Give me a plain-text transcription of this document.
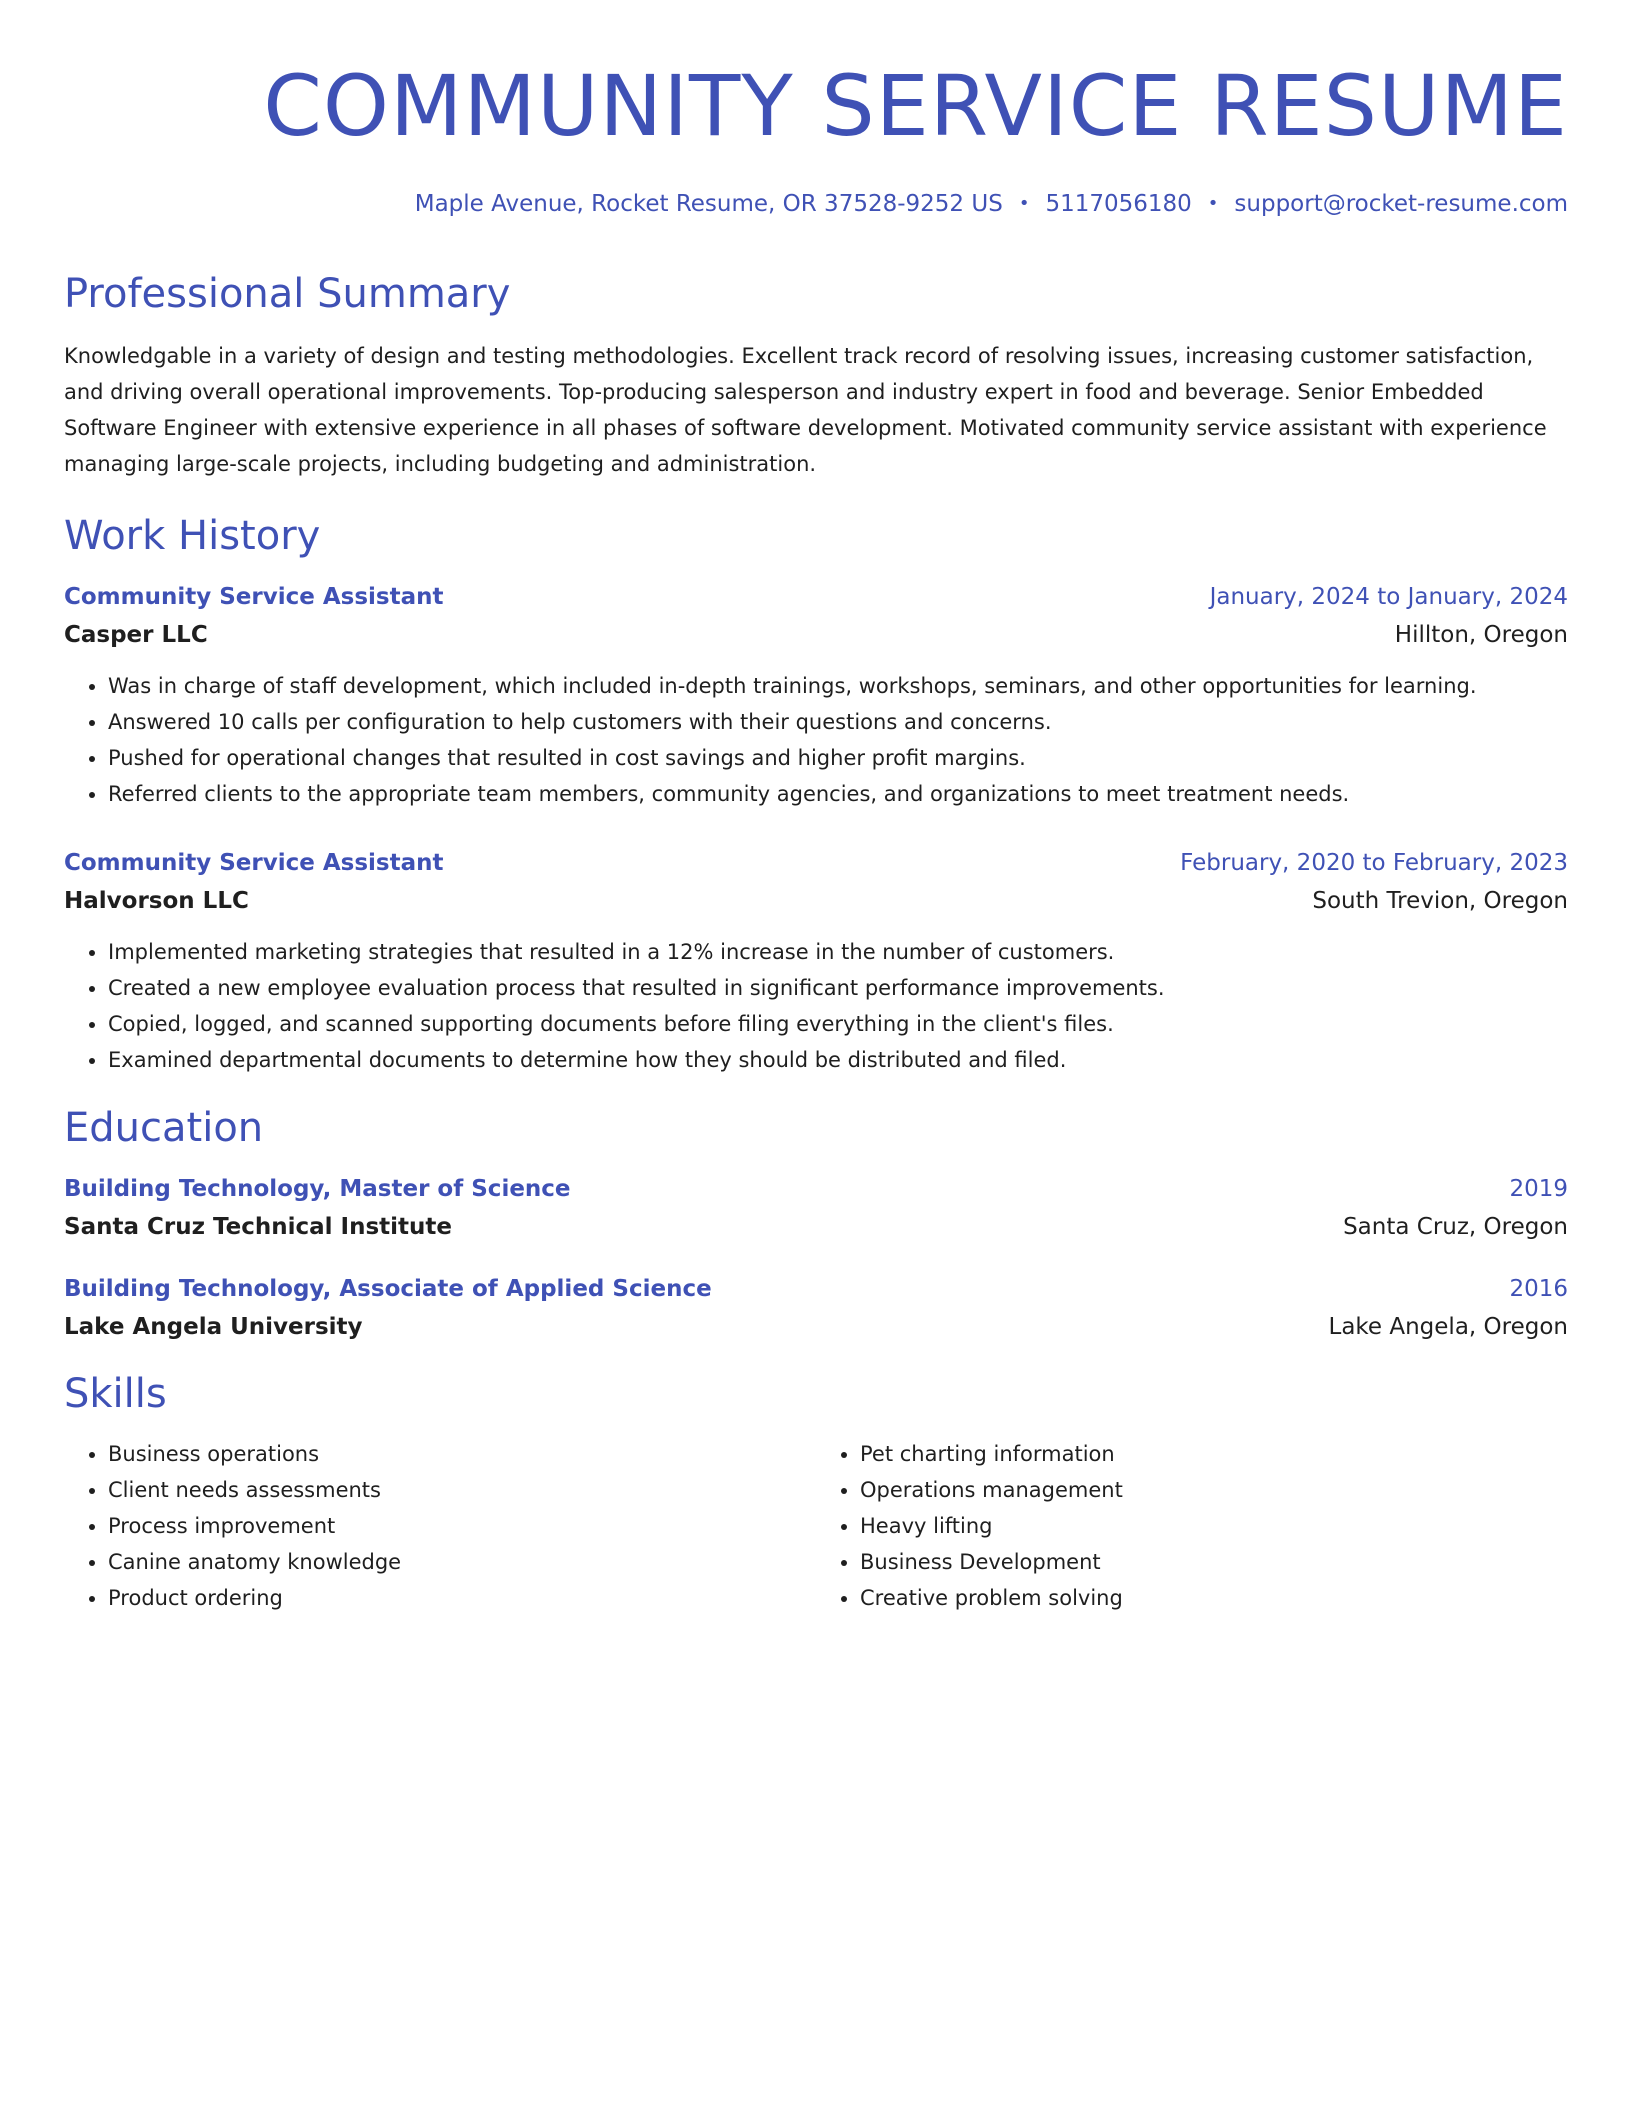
COMMUNITY SERVICE RESUME
Maple Avenue, Rocket Resume, OR 37528-9252 US • 5117056180 • support@rocket-resume.com
Professional Summary

Knowledgable in a variety of design and testing methodologies. Excellent track record of resolving issues, increasing customer satisfaction, and driving overall operational improvements. Top-producing salesperson and industry expert in food and beverage. Senior Embedded Software Engineer with extensive experience in all phases of software development. Motivated community service assistant with experience managing large-scale projects, including budgeting and administration.

Work History
Community Service Assistant	January, 2024 to January, 2024
Casper LLC	Hillton, Oregon
• Was in charge of staff development, which included in-depth trainings, workshops, seminars, and other opportunities for learning.
• Answered 10 calls per configuration to help customers with their questions and concerns.
• Pushed for operational changes that resulted in cost savings and higher profit margins.
• Referred clients to the appropriate team members, community agencies, and organizations to meet treatment needs.
Community Service Assistant	February, 2020 to February, 2023
Halvorson LLC	South Trevion, Oregon
• Implemented marketing strategies that resulted in a 12% increase in the number of customers.
• Created a new employee evaluation process that resulted in significant performance improvements.
• Copied, logged, and scanned supporting documents before filing everything in the client's files.
• Examined departmental documents to determine how they should be distributed and filed.
Education
Building Technology, Master of Science	2019
Santa Cruz Technical Institute	Santa Cruz, Oregon
Building Technology, Associate of Applied Science	2016
Lake Angela University	Lake Angela, Oregon
Skills
• Business operations
• Client needs assessments
• Process improvement
• Canine anatomy knowledge
• Product ordering
• Pet charting information
• Operations management
• Heavy lifting
• Business Development
• Creative problem solving
